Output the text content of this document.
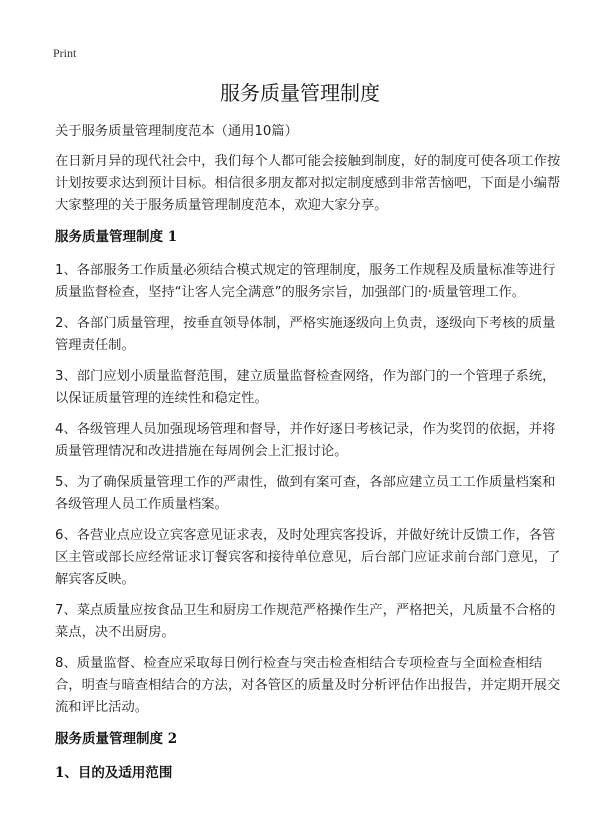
Print
服务质量管理制度

关于服务质量管理制度范本（通用10篇）

在日新月异的现代社会中，我们每个人都可能会接触到制度，好的制度可使各项工作按计划按要求达到预计目标。相信很多朋友都对拟定制度感到非常苦恼吧，下面是小编帮大家整理的关于服务质量管理制度范本，欢迎大家分享。

服务质量管理制度 1

1、各部服务工作质量必须结合模式规定的管理制度，服务工作规程及质量标准等进行质量监督检查，坚持“让客人完全满意”的服务宗旨，加强部门的·质量管理工作。

2、各部门质量管理，按垂直领导体制，严格实施逐级向上负责，逐级向下考核的质量管理责任制。

3、部门应划小质量监督范围，建立质量监督检查网络，作为部门的一个管理子系统，以保证质量管理的连续性和稳定性。

4、各级管理人员加强现场管理和督导，并作好逐日考核记录，作为奖罚的依据，并将质量管理情况和改进措施在每周例会上汇报讨论。

5、为了确保质量管理工作的严肃性，做到有案可查，各部应建立员工工作质量档案和各级管理人员工作质量档案。

6、各营业点应设立宾客意见证求表，及时处理宾客投诉，并做好统计反馈工作，各管区主管或部长应经常证求订餐宾客和接待单位意见，后台部门应证求前台部门意见，了解宾客反映。

7、菜点质量应按食品卫生和厨房工作规范严格操作生产，严格把关，凡质量不合格的菜点，决不出厨房。

8、质量监督、检查应采取每日例行检查与突击检查相结合专项检查与全面检查相结合，明查与暗查相结合的方法，对各管区的质量及时分析评估作出报告，并定期开展交流和评比活动。

服务质量管理制度 2

1、目的及适用范围
